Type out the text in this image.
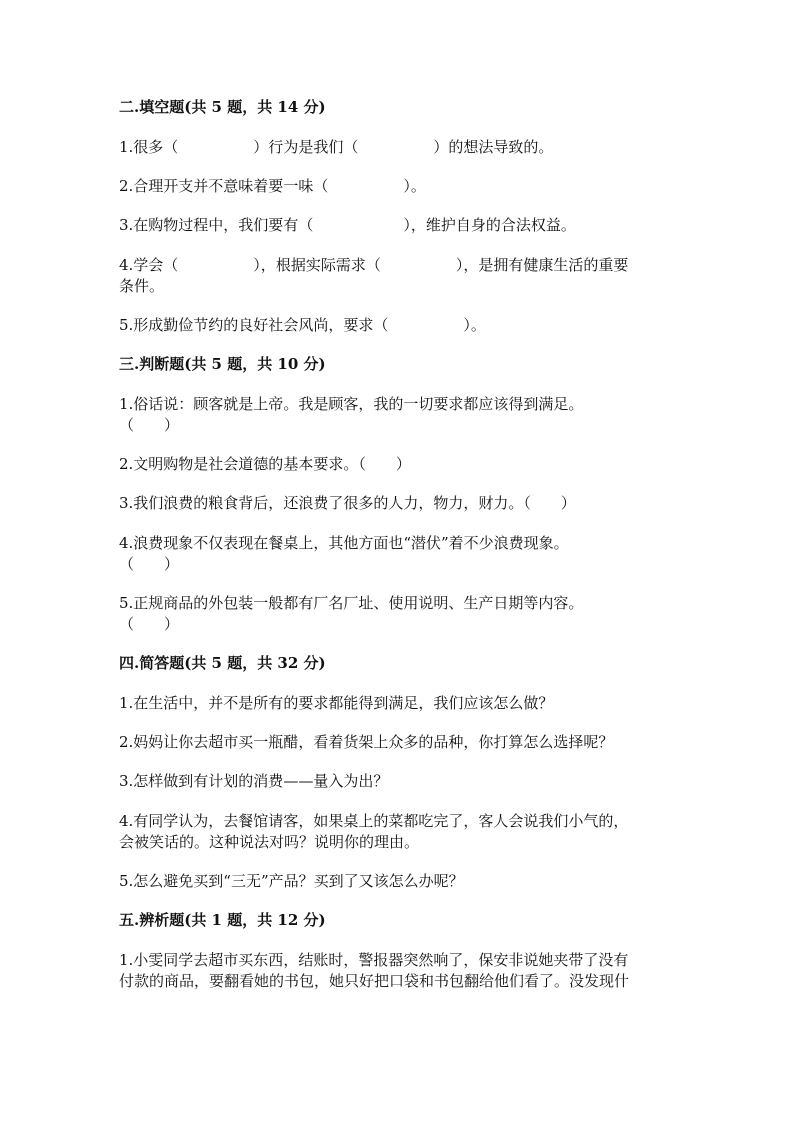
二.填空题(共 5 题，共 14 分)
1.很多（　　　　　）行为是我们（　　　　　）的想法导致的。
2.合理开支并不意味着要一味（　　　　　）。
3.在购物过程中，我们要有（　　　　　　），维护自身的合法权益。
4.学会（　　　　　），根据实际需求（　　　　　），是拥有健康生活的重要
条件。
5.形成勤俭节约的良好社会风尚，要求（　　　　　）。
三.判断题(共 5 题，共 10 分)
1.俗话说：顾客就是上帝。我是顾客，我的一切要求都应该得到满足。
（　　）
2.文明购物是社会道德的基本要求。（　　）
3.我们浪费的粮食背后，还浪费了很多的人力，物力，财力。（　　）
4.浪费现象不仅表现在餐桌上，其他方面也“潜伏”着不少浪费现象。
（　　）
5.正规商品的外包装一般都有厂名厂址、使用说明、生产日期等内容。
（　　）
四.简答题(共 5 题，共 32 分)
1.在生活中，并不是所有的要求都能得到满足，我们应该怎么做？
2.妈妈让你去超市买一瓶醋，看着货架上众多的品种，你打算怎么选择呢？
3.怎样做到有计划的消费——量入为出？
4.有同学认为，去餐馆请客，如果桌上的菜都吃完了，客人会说我们小气的，
会被笑话的。这种说法对吗？说明你的理由。
5.怎么避免买到“三无”产品？买到了又该怎么办呢？
五.辨析题(共 1 题，共 12 分)
1.小雯同学去超市买东西，结账时，警报器突然响了，保安非说她夹带了没有
付款的商品，要翻看她的书包，她只好把口袋和书包翻给他们看了。没发现什
